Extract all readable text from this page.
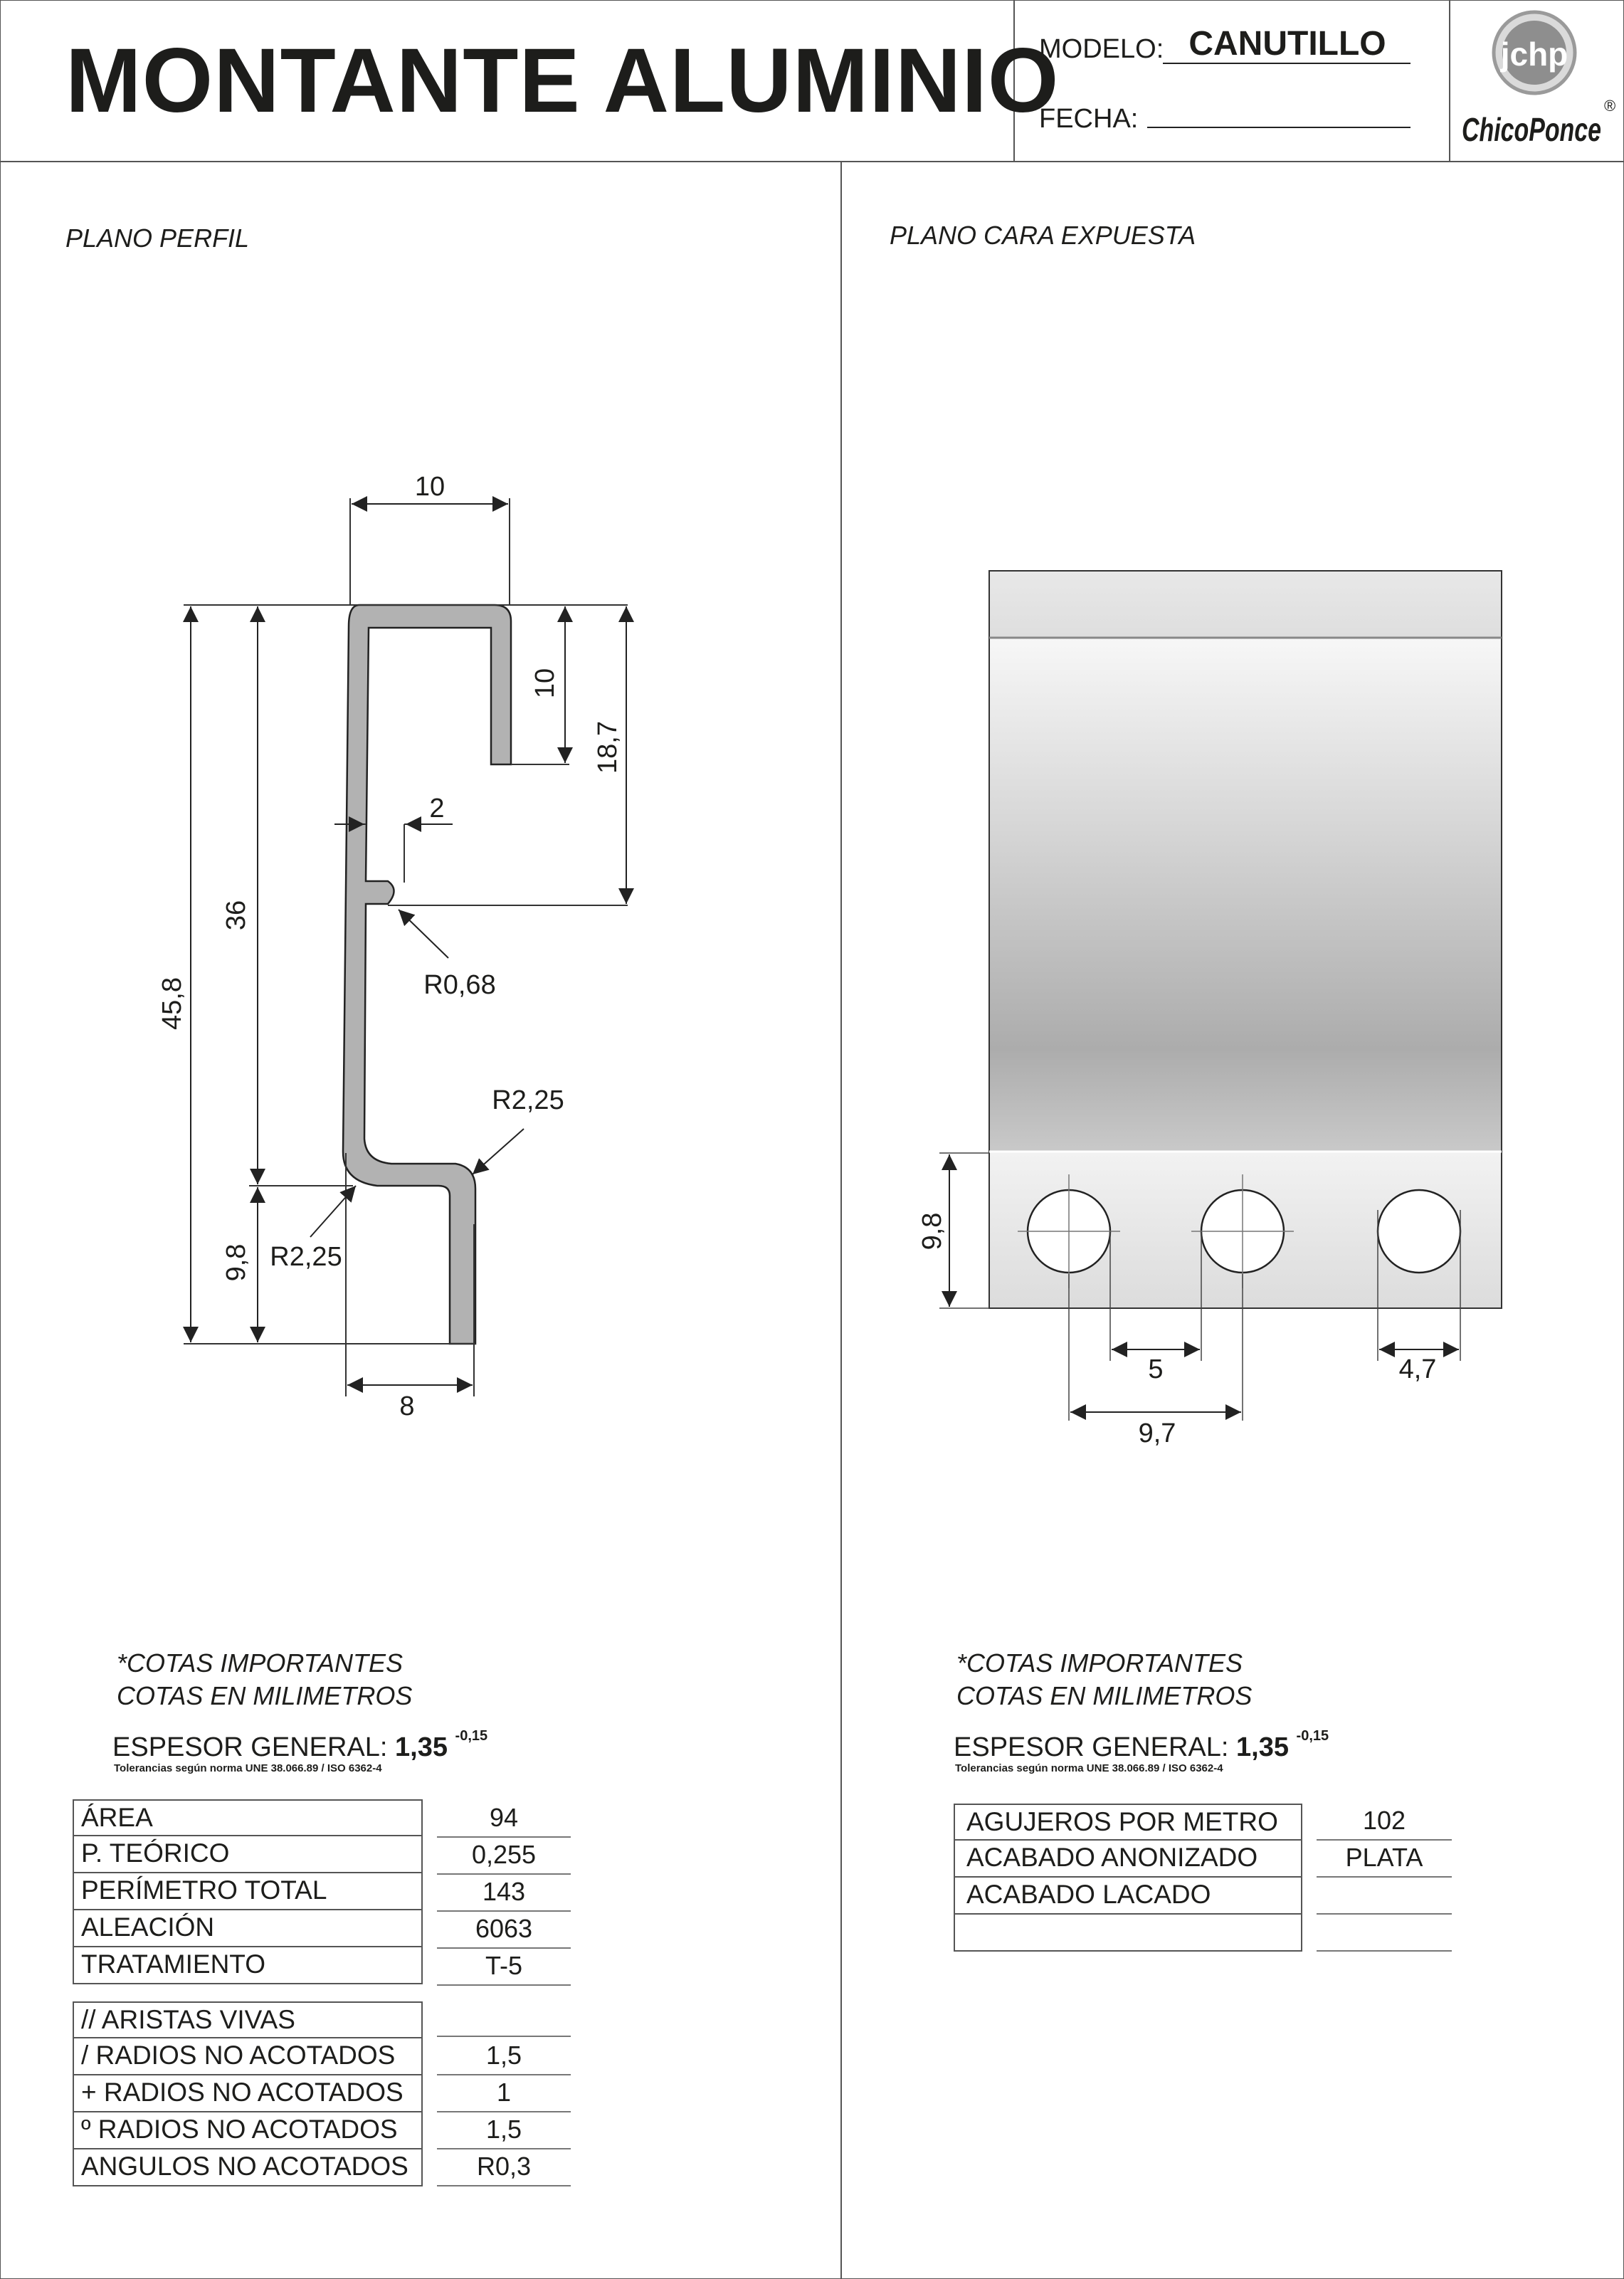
MONTANTE ALUMINIO
MODELO: CANUTILLO
FECHA:
jchp
ChicoPonce
®
PLANO PERFIL
10
10
18,7
2
R0,68
36
45,8
R2,25
R2,25
9,8
8
*COTAS IMPORTANTES
COTAS EN MILIMETROS
ESPESOR GENERAL: 1,35 $^{-0,15}$
Tolerancias según norma UNE 38.066.89 / ISO 6362-4
ÁREA
P. TEÓRICO
PERÍMETRO TOTAL
ALEACIÓN
TRATAMIENTO
94
0,255
143
6063
T-5
// ARISTAS VIVAS
/ RADIOS NO ACOTADOS
+ RADIOS NO ACOTADOS
º RADIOS NO ACOTADOS
ANGULOS NO ACOTADOS
1,5
1
1,5
R0,3
PLANO CARA EXPUESTA
9,8
5	4,7
9,7
*COTAS IMPORTANTES
COTAS EN MILIMETROS
ESPESOR GENERAL: 1,35 $^{-0,15}$
Tolerancias según norma UNE 38.066.89 / ISO 6362-4
AGUJEROS POR METRO
ACABADO ANONIZADO
ACABADO LACADO
102
PLATA
